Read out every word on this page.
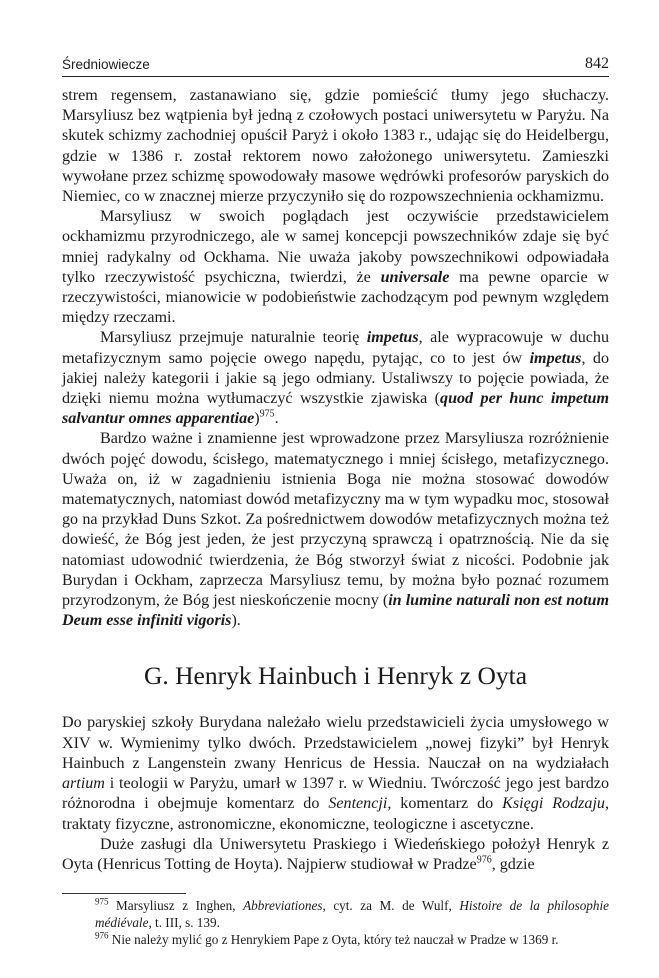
Średniowiecze	842

strem regensem, zastanawiano się, gdzie pomieścić tłumy jego słuchaczy. Marsyliusz bez wątpienia był jedną z czołowych postaci uniwersytetu w Paryżu. Na skutek schizmy zachodniej opuścił Paryż i około 1383 r., udając się do Heidelbergu, gdzie w 1386 r. został rektorem nowo założonego uniwersytetu. Zamieszki wywołane przez schizmę spowodowały masowe wędrówki profesorów paryskich do Niemiec, co w znacznej mierze przyczyniło się do rozpowszechnienia ockhamizmu.

Marsyliusz w swoich poglądach jest oczywiście przedstawicielem ockhamizmu przyrodniczego, ale w samej koncepcji powszechników zdaje się być mniej radykalny od Ockhama. Nie uważa jakoby powszechnikowi odpowiadała tylko rzeczywistość psychiczna, twierdzi, że universale ma pewne oparcie w rzeczywistości, mianowicie w podobieństwie zachodzącym pod pewnym względem między rzeczami.

Marsyliusz przejmuje naturalnie teorię impetus, ale wypracowuje w duchu metafizycznym samo pojęcie owego napędu, pytając, co to jest ów impetus, do jakiej należy kategorii i jakie są jego odmiany. Ustaliwszy to pojęcie powiada, że dzięki niemu można wytłumaczyć wszystkie zjawiska (quod per hunc impetum salvantur omnes apparentiae)$^{975}$.

Bardzo ważne i znamienne jest wprowadzone przez Marsyliusza rozróżnienie dwóch pojęć dowodu, ścisłego, matematycznego i mniej ścisłego, metafizycznego. Uważa on, iż w zagadnieniu istnienia Boga nie można stosować dowodów matematycznych, natomiast dowód metafizyczny ma w tym wypadku moc, stosował go na przykład Duns Szkot. Za pośrednictwem dowodów metafizycznych można też dowieść, że Bóg jest jeden, że jest przyczyną sprawczą i opatrznością. Nie da się natomiast udowodnić twierdzenia, że Bóg stworzył świat z nicości. Podobnie jak Burydan i Ockham, zaprzecza Marsyliusz temu, by można było poznać rozumem przyrodzonym, że Bóg jest nieskończenie mocny (in lumine naturali non est notum Deum esse infiniti vigoris).

G. Henryk Hainbuch i Henryk z Oyta

Do paryskiej szkoły Burydana należało wielu przedstawicieli życia umysłowego w XIV w. Wymienimy tylko dwóch. Przedstawicielem „nowej fizyki” był Henryk Hainbuch z Langenstein zwany Henricus de Hessia. Nauczał on na wydziałach artium i teologii w Paryżu, umarł w 1397 r. w Wiedniu. Twórczość jego jest bardzo różnorodna i obejmuje komentarz do Sentencji, komentarz do Księgi Rodzaju, traktaty fizyczne, astronomiczne, ekonomiczne, teologiczne i ascetyczne.

Duże zasługi dla Uniwersytetu Praskiego i Wiedeńskiego położył Henryk z Oyta (Henricus Totting de Hoyta). Najpierw studiował w Pradze$^{976}$, gdzie

$^{975}$ Marsyliusz z Inghen, Abbreviationes, cyt. za M. de Wulf, Histoire de la philosophie médiévale, t. III, s. 139.

$^{976}$ Nie należy mylić go z Henrykiem Pape z Oyta, który też nauczał w Pradze w 1369 r.
